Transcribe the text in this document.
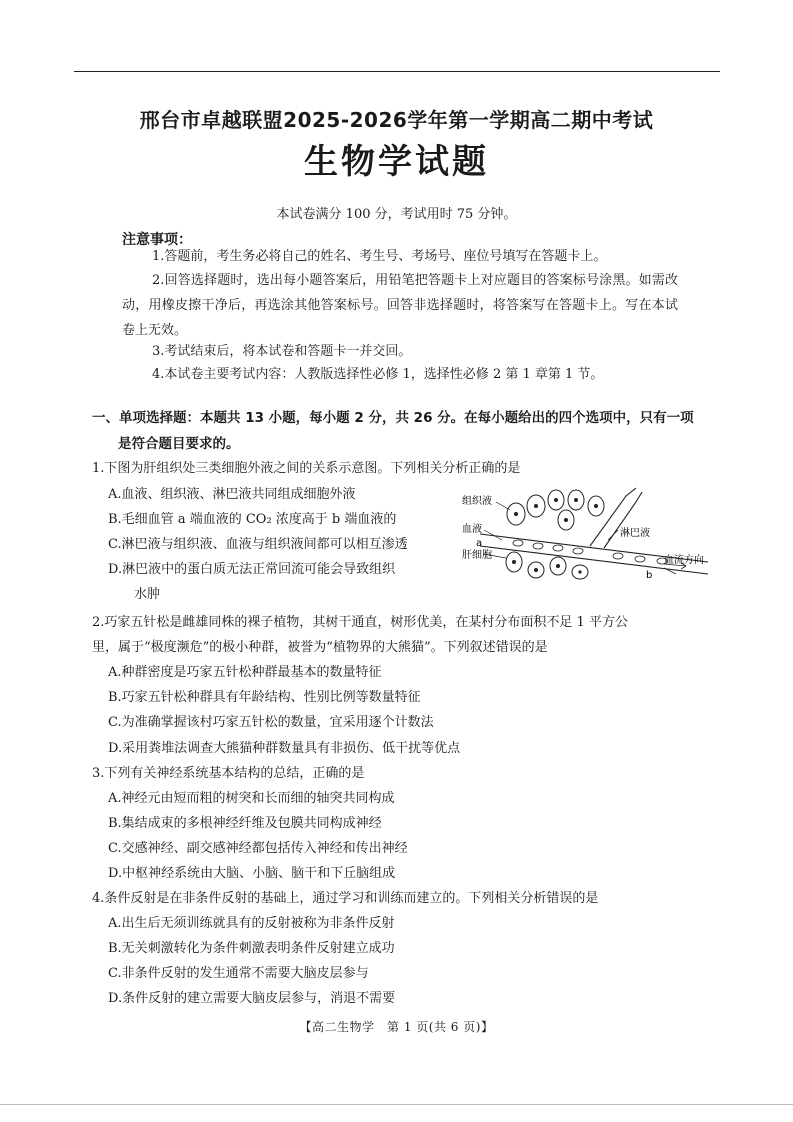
邢台市卓越联盟2025-2026学年第一学期高二期中考试
生物学试题
本试卷满分 100 分，考试用时 75 分钟。
注意事项：
1.答题前，考生务必将自己的姓名、考生号、考场号、座位号填写在答题卡上。
2.回答选择题时，选出每小题答案后，用铅笔把答题卡上对应题目的答案标号涂黑。如需改动，用橡皮擦干净后，再选涂其他答案标号。回答非选择题时，将答案写在答题卡上。写在本试卷上无效。
3.考试结束后，将本试卷和答题卡一并交回。
4.本试卷主要考试内容：人教版选择性必修 1，选择性必修 2 第 1 章第 1 节。
一、单项选择题：本题共 13 小题，每小题 2 分，共 26 分。在每小题给出的四个选项中，只有一项
是符合题目要求的。
1.下图为肝组织处三类细胞外液之间的关系示意图。下列相关分析正确的是
A.血液、组织液、淋巴液共同组成细胞外液
B.毛细血管 a 端血液的 CO₂ 浓度高于 b 端血液的
C.淋巴液与组织液、血液与组织液间都可以相互渗透
D.淋巴液中的蛋白质无法正常回流可能会导致组织
水肿
组织液
血液
a
肝细胞
淋巴液
血流方向
b
2.巧家五针松是雌雄同株的裸子植物，其树干通直，树形优美，在某村分布面积不足 1 平方公
里，属于“极度濒危”的极小种群，被誉为“植物界的大熊猫”。下列叙述错误的是
A.种群密度是巧家五针松种群最基本的数量特征
B.巧家五针松种群具有年龄结构、性别比例等数量特征
C.为准确掌握该村巧家五针松的数量，宜采用逐个计数法
D.采用粪堆法调查大熊猫种群数量具有非损伤、低干扰等优点
3.下列有关神经系统基本结构的总结，正确的是
A.神经元由短而粗的树突和长而细的轴突共同构成
B.集结成束的多根神经纤维及包膜共同构成神经
C.交感神经、副交感神经都包括传入神经和传出神经
D.中枢神经系统由大脑、小脑、脑干和下丘脑组成
4.条件反射是在非条件反射的基础上，通过学习和训练而建立的。下列相关分析错误的是
A.出生后无须训练就具有的反射被称为非条件反射
B.无关刺激转化为条件刺激表明条件反射建立成功
C.非条件反射的发生通常不需要大脑皮层参与
D.条件反射的建立需要大脑皮层参与，消退不需要
【高二生物学　第 1 页(共 6 页)】
